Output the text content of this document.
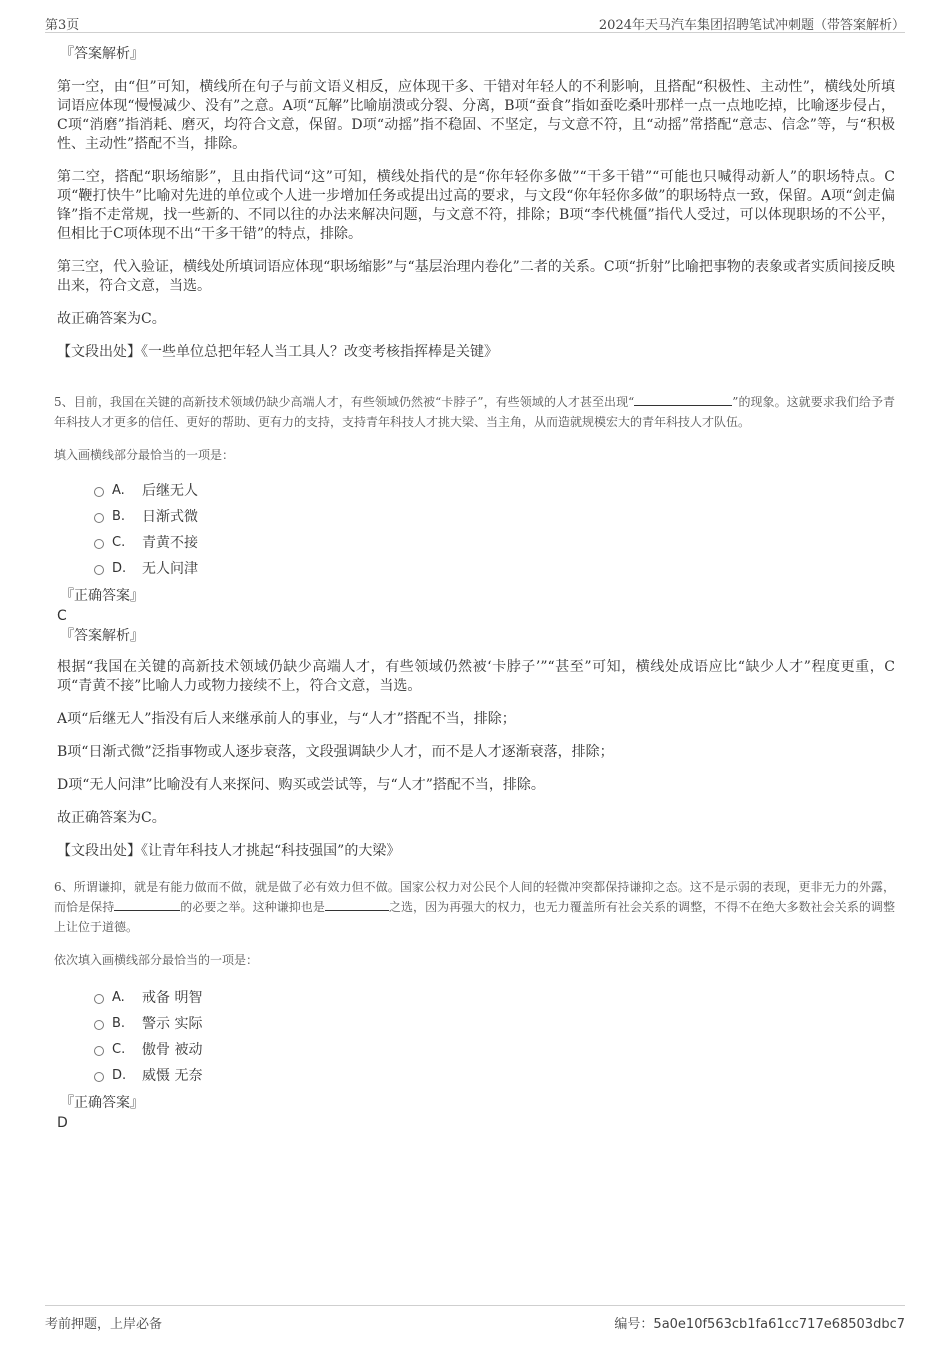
第3页	2024年天马汽车集团招聘笔试冲刺题（带答案解析）

『答案解析』

第一空，由“但”可知，横线所在句子与前文语义相反，应体现干多、干错对年轻人的不利影响，且搭配“积极性、主动性”，横线处所填词语应体现“慢慢减少、没有”之意。A项“瓦解”比喻崩溃或分裂、分离，B项“蚕食”指如蚕吃桑叶那样一点一点地吃掉，比喻逐步侵占，C项“消磨”指消耗、磨灭，均符合文意，保留。D项“动摇”指不稳固、不坚定，与文意不符，且“动摇”常搭配“意志、信念”等，与“积极性、主动性”搭配不当，排除。

第二空，搭配“职场缩影”，且由指代词“这”可知，横线处指代的是“你年轻你多做”“干多干错”“可能也只喊得动新人”的职场特点。C项“鞭打快牛”比喻对先进的单位或个人进一步增加任务或提出过高的要求，与文段“你年轻你多做”的职场特点一致，保留。A项“剑走偏锋”指不走常规，找一些新的、不同以往的办法来解决问题，与文意不符，排除；B项“李代桃僵”指代人受过，可以体现职场的不公平，但相比于C项体现不出“干多干错”的特点，排除。

第三空，代入验证，横线处所填词语应体现“职场缩影”与“基层治理内卷化”二者的关系。C项“折射”比喻把事物的表象或者实质间接反映出来，符合文意，当选。

故正确答案为C。

【文段出处】《一些单位总把年轻人当工具人？改变考核指挥棒是关键》

5、目前，我国在关键的高新技术领域仍缺少高端人才，有些领域仍然被“卡脖子”，有些领域的人才甚至出现“	”的现象。这就要求我们给予青年科技人才更多的信任、更好的帮助、更有力的支持，支持青年科技人才挑大梁、当主角，从而造就规模宏大的青年科技人才队伍。

填入画横线部分最恰当的一项是：

A. 后继无人
B. 日渐式微
C. 青黄不接
D. 无人问津

『正确答案』

C

『答案解析』

根据“我国在关键的高新技术领域仍缺少高端人才，有些领域仍然被‘卡脖子’”“甚至”可知，横线处成语应比“缺少人才”程度更重，C项“青黄不接”比喻人力或物力接续不上，符合文意，当选。

A项“后继无人”指没有后人来继承前人的事业，与“人才”搭配不当，排除；

B项“日渐式微”泛指事物或人逐步衰落，文段强调缺少人才，而不是人才逐渐衰落，排除；

D项“无人问津”比喻没有人来探问、购买或尝试等，与“人才”搭配不当，排除。

故正确答案为C。

【文段出处】《让青年科技人才挑起“科技强国”的大梁》

6、所谓谦抑，就是有能力做而不做，就是做了必有效力但不做。国家公权力对公民个人间的轻微冲突都保持谦抑之态。这不是示弱的表现，更非无力的外露，而恰是保持	的必要之举。这种谦抑也是	之选，因为再强大的权力，也无力覆盖所有社会关系的调整，不得不在绝大多数社会关系的调整上让位于道德。

依次填入画横线部分最恰当的一项是：

A. 戒备 明智
B. 警示 实际
C. 傲骨 被动
D. 威慑 无奈

『正确答案』

D

考前押题，上岸必备	编号：5a0e10f563cb1fa61cc717e68503dbc7
